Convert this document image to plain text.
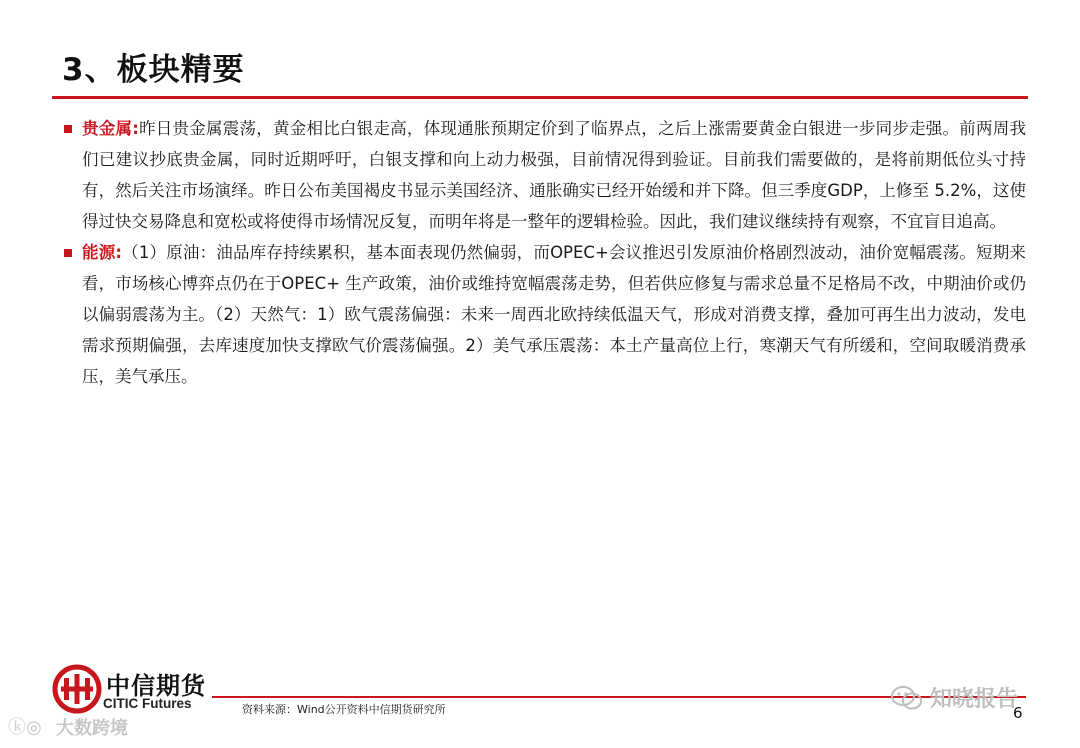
3、板块精要

贵金属:昨日贵金属震荡，黄金相比白银走高，体现通胀预期定价到了临界点，之后上涨需要黄金白银进一步同步走强。前两周我们已建议抄底贵金属，同时近期呼吁，白银支撑和向上动力极强，目前情况得到验证。目前我们需要做的，是将前期低位头寸持有，然后关注市场演绎。昨日公布美国褐皮书显示美国经济、通胀确实已经开始缓和并下降。但三季度GDP，上修至 5.2%，这使得过快交易降息和宽松或将使得市场情况反复，而明年将是一整年的逻辑检验。因此，我们建议继续持有观察，不宜盲目追高。

能源:（1）原油：油品库存持续累积，基本面表现仍然偏弱，而OPEC+会议推迟引发原油价格剧烈波动，油价宽幅震荡。短期来看，市场核心博弈点仍在于OPEC+ 生产政策，油价或维持宽幅震荡走势，但若供应修复与需求总量不足格局不改，中期油价或仍以偏弱震荡为主。（2）天然气：1）欧气震荡偏强：未来一周西北欧持续低温天气，形成对消费支撑，叠加可再生出力波动，发电需求预期偏强，去库速度加快支撑欧气价震荡偏强。2）美气承压震荡：本土产量高位上行，寒潮天气有所缓和，空间取暖消费承压，美气承压。

中信期货
CITIC Futures	资料来源：Wind公开资料中信期货研究所	6
知晓报告
ⓚ◎ 大数跨境
